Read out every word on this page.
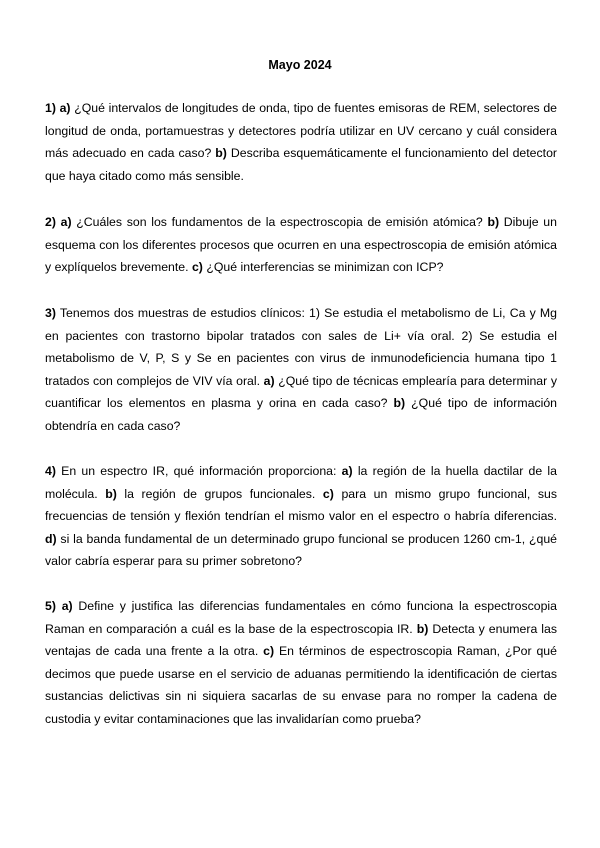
Mayo 2024

1) a) ¿Qué intervalos de longitudes de onda, tipo de fuentes emisoras de REM, selectores de longitud de onda, portamuestras y detectores podría utilizar en UV cercano y cuál considera más adecuado en cada caso? b) Describa esquemáticamente el funcionamiento del detector que haya citado como más sensible.

2) a) ¿Cuáles son los fundamentos de la espectroscopia de emisión atómica? b) Dibuje un esquema con los diferentes procesos que ocurren en una espectroscopia de emisión atómica y explíquelos brevemente. c) ¿Qué interferencias se minimizan con ICP?

3) Tenemos dos muestras de estudios clínicos: 1) Se estudia el metabolismo de Li, Ca y Mg en pacientes con trastorno bipolar tratados con sales de Li+ vía oral. 2) Se estudia el metabolismo de V, P, S y Se en pacientes con virus de inmunodeficiencia humana tipo 1 tratados con complejos de VIV vía oral. a) ¿Qué tipo de técnicas emplearía para determinar y cuantificar los elementos en plasma y orina en cada caso? b) ¿Qué tipo de información obtendría en cada caso?

4) En un espectro IR, qué información proporciona: a) la región de la huella dactilar de la molécula. b) la región de grupos funcionales. c) para un mismo grupo funcional, sus frecuencias de tensión y flexión tendrían el mismo valor en el espectro o habría diferencias. d) si la banda fundamental de un determinado grupo funcional se producen 1260 cm-1, ¿qué valor cabría esperar para su primer sobretono?

5) a) Define y justifica las diferencias fundamentales en cómo funciona la espectroscopia Raman en comparación a cuál es la base de la espectroscopia IR. b) Detecta y enumera las ventajas de cada una frente a la otra. c) En términos de espectroscopia Raman, ¿Por qué decimos que puede usarse en el servicio de aduanas permitiendo la identificación de ciertas sustancias delictivas sin ni siquiera sacarlas de su envase para no romper la cadena de custodia y evitar contaminaciones que las invalidarían como prueba?
